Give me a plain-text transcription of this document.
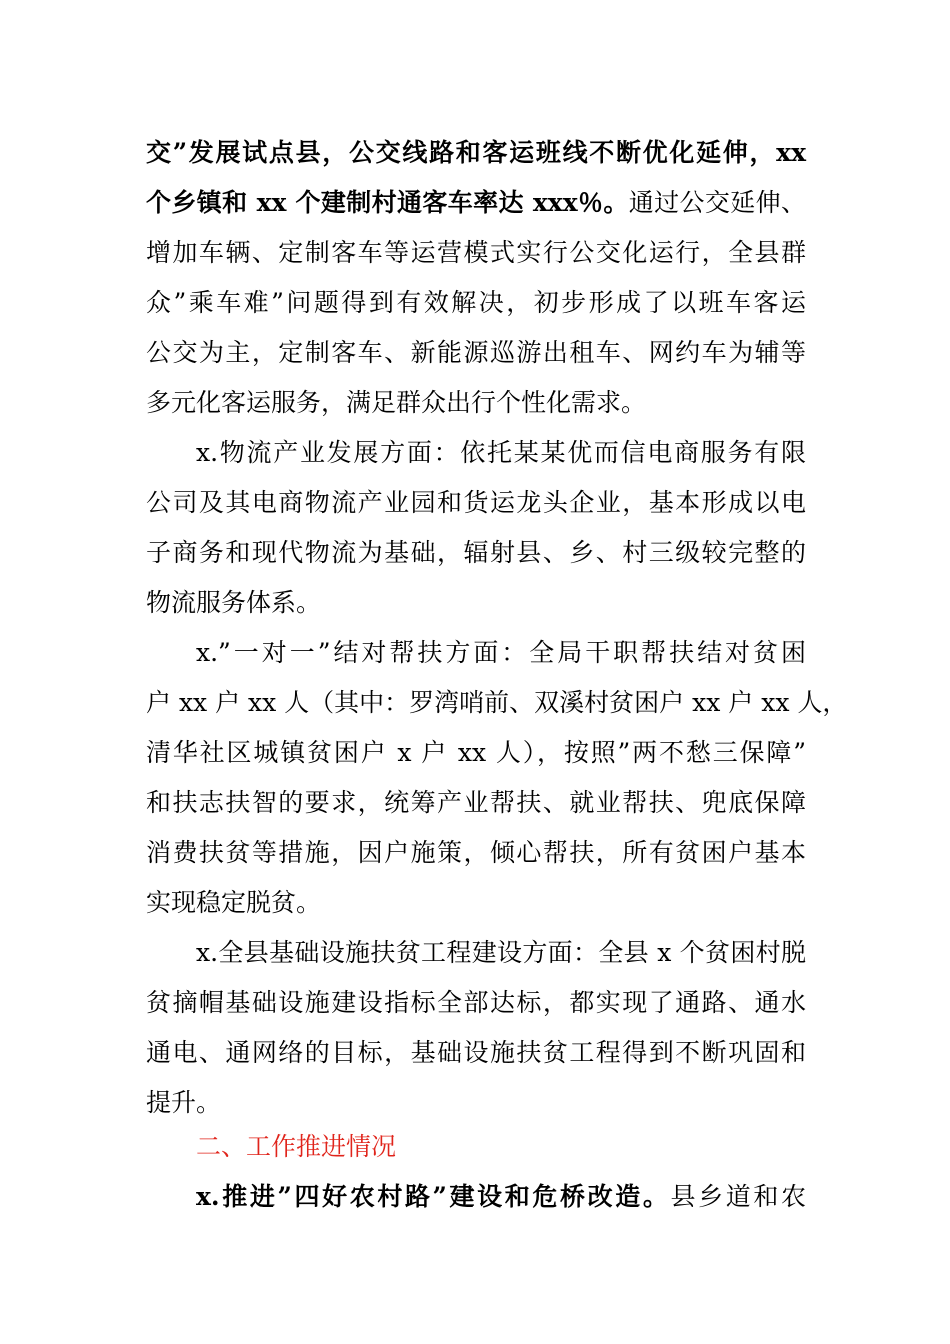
交”发展试点县，公交线路和客运班线不断优化延伸，xx
个乡镇和 xx 个建制村通客车率达 xxx％。通过公交延伸、
增加车辆、定制客车等运营模式实行公交化运行，全县群
众”乘车难”问题得到有效解决，初步形成了以班车客运
公交为主，定制客车、新能源巡游出租车、网约车为辅等
多元化客运服务，满足群众出行个性化需求。
x.物流产业发展方面：依托某某优而信电商服务有限
公司及其电商物流产业园和货运龙头企业，基本形成以电
子商务和现代物流为基础，辐射县、乡、村三级较完整的
物流服务体系。
x.”一对一”结对帮扶方面：全局干职帮扶结对贫困
户 xx 户 xx 人（其中：罗湾哨前、双溪村贫困户 xx 户 xx 人，
清华社区城镇贫困户 x 户 xx 人），按照”两不愁三保障”
和扶志扶智的要求，统筹产业帮扶、就业帮扶、兜底保障
消费扶贫等措施，因户施策，倾心帮扶，所有贫困户基本
实现稳定脱贫。
x.全县基础设施扶贫工程建设方面：全县 x 个贫困村脱
贫摘帽基础设施建设指标全部达标，都实现了通路、通水
通电、通网络的目标，基础设施扶贫工程得到不断巩固和
提升。
二、工作推进情况
x.推进”四好农村路”建设和危桥改造。县乡道和农
